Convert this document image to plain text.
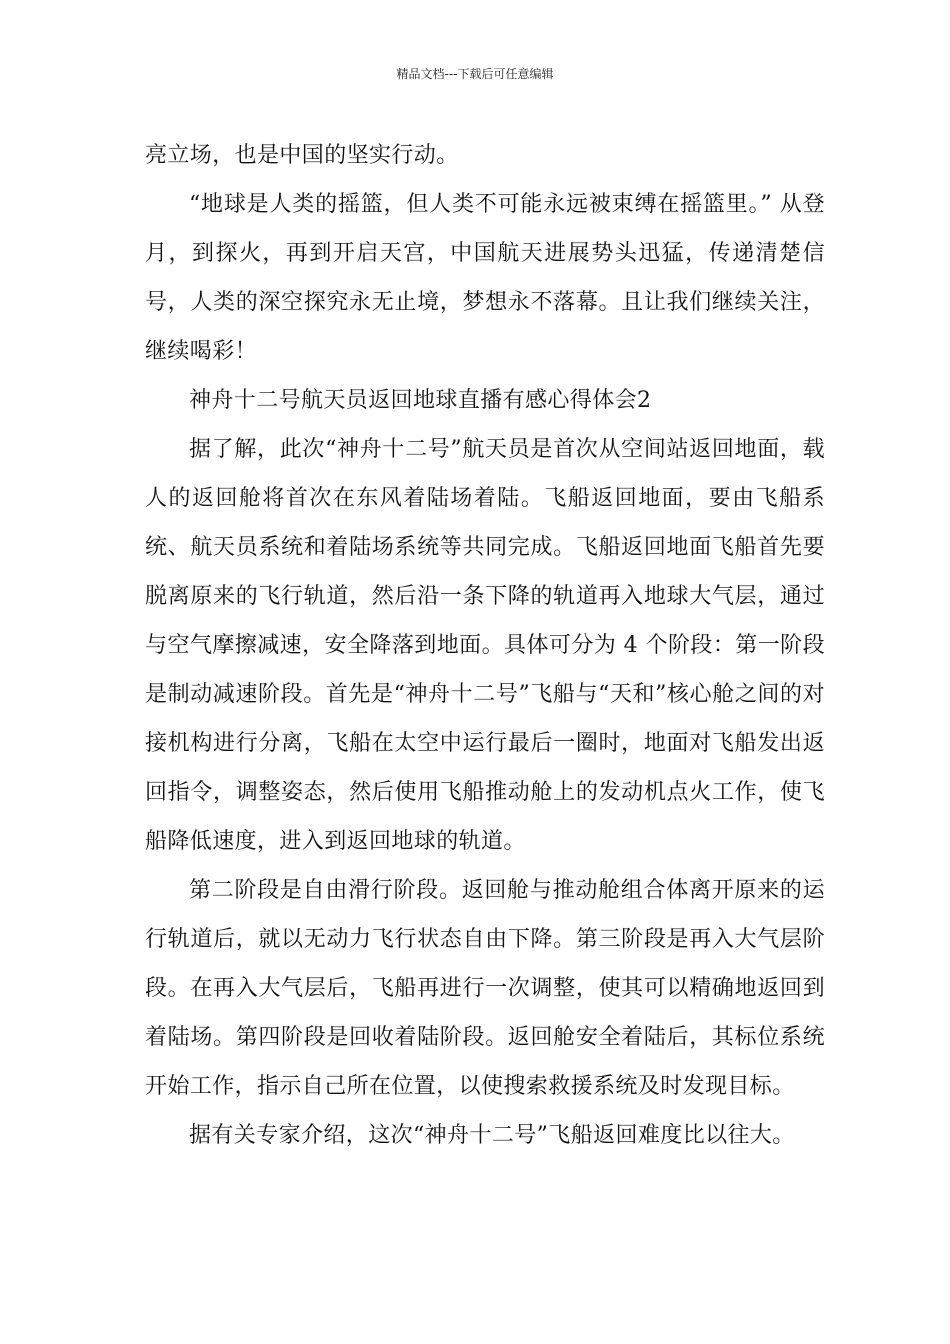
精品文档---下载后可任意编辑

亮立场，也是中国的坚实行动。

“地球是人类的摇篮，但人类不可能永远被束缚在摇篮里。” 从登月，到探火，再到开启天宫，中国航天进展势头迅猛，传递清楚信号，人类的深空探究永无止境，梦想永不落幕。且让我们继续关注，继续喝彩！

神舟十二号航天员返回地球直播有感心得体会2

据了解，此次“神舟十二号”航天员是首次从空间站返回地面，载人的返回舱将首次在东风着陆场着陆。飞船返回地面，要由飞船系统、航天员系统和着陆场系统等共同完成。飞船返回地面飞船首先要脱离原来的飞行轨道，然后沿一条下降的轨道再入地球大气层，通过与空气摩擦减速，安全降落到地面。具体可分为 4 个阶段：第一阶段是制动减速阶段。首先是“神舟十二号”飞船与“天和”核心舱之间的对接机构进行分离，飞船在太空中运行最后一圈时，地面对飞船发出返回指令，调整姿态，然后使用飞船推动舱上的发动机点火工作，使飞船降低速度，进入到返回地球的轨道。

第二阶段是自由滑行阶段。返回舱与推动舱组合体离开原来的运行轨道后，就以无动力飞行状态自由下降。第三阶段是再入大气层阶段。在再入大气层后，飞船再进行一次调整，使其可以精确地返回到着陆场。第四阶段是回收着陆阶段。返回舱安全着陆后，其标位系统开始工作，指示自己所在位置，以使搜索救援系统及时发现目标。

据有关专家介绍，这次“神舟十二号”飞船返回难度比以往大。
